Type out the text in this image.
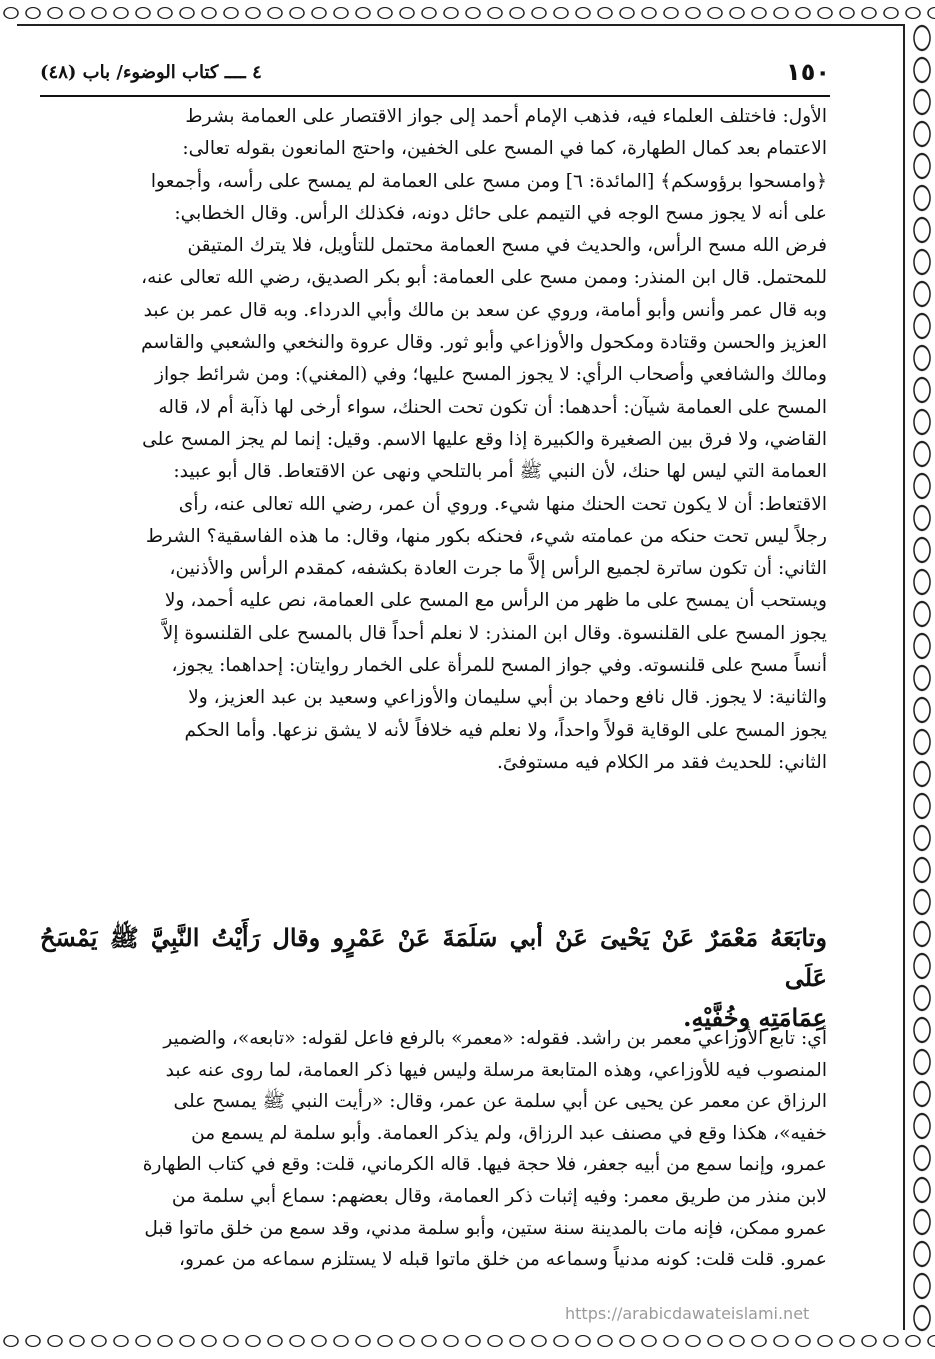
١٥٠
٤ ــــ كتاب الوضوء/ باب (٤٨)
الأول: فاختلف العلماء فيه، فذهب الإمام أحمد إلى جواز الاقتصار على العمامة بشرط
الاعتمام بعد كمال الطهارة، كما في المسح على الخفين، واحتج المانعون بقوله تعالى:
﴿وامسحوا برؤوسكم﴾ [المائدة: ٦] ومن مسح على العمامة لم يمسح على رأسه، وأجمعوا
على أنه لا يجوز مسح الوجه في التيمم على حائل دونه، فكذلك الرأس. وقال الخطابي:
فرض الله مسح الرأس، والحديث في مسح العمامة محتمل للتأويل، فلا يترك المتيقن
للمحتمل. قال ابن المنذر: وممن مسح على العمامة: أبو بكر الصديق، رضي الله تعالى عنه،
وبه قال عمر وأنس وأبو أمامة، وروي عن سعد بن مالك وأبي الدرداء. وبه قال عمر بن عبد
العزيز والحسن وقتادة ومكحول والأوزاعي وأبو ثور. وقال عروة والنخعي والشعبي والقاسم
ومالك والشافعي وأصحاب الرأي: لا يجوز المسح عليها؛ وفي (المغني): ومن شرائط جواز
المسح على العمامة شيآن: أحدهما: أن تكون تحت الحنك، سواء أرخى لها ذآبة أم لا، قاله
القاضي، ولا فرق بين الصغيرة والكبيرة إذا وقع عليها الاسم. وقيل: إنما لم يجز المسح على
العمامة التي ليس لها حنك، لأن النبي ﷺ أمر بالتلحي ونهى عن الاقتعاط. قال أبو عبيد:
الاقتعاط: أن لا يكون تحت الحنك منها شيء. وروي أن عمر، رضي الله تعالى عنه، رأى
رجلاً ليس تحت حنكه من عمامته شيء، فحنكه بكور منها، وقال: ما هذه الفاسقية؟ الشرط
الثاني: أن تكون ساترة لجميع الرأس إلاَّ ما جرت العادة بكشفه، كمقدم الرأس والأذنين،
ويستحب أن يمسح على ما ظهر من الرأس مع المسح على العمامة، نص عليه أحمد، ولا
يجوز المسح على القلنسوة. وقال ابن المنذر: لا نعلم أحداً قال بالمسح على القلنسوة إلاَّ
أنساً مسح على قلنسوته. وفي جواز المسح للمرأة على الخمار روايتان: إحداهما: يجوز،
والثانية: لا يجوز. قال نافع وحماد بن أبي سليمان والأوزاعي وسعيد بن عبد العزيز، ولا
يجوز المسح على الوقاية قولاً واحداً، ولا نعلم فيه خلافاً لأنه لا يشق نزعها. وأما الحكم
الثاني: للحديث فقد مر الكلام فيه مستوفىً.
وتابَعَهُ مَعْمَرٌ عَنْ يَحْيىَ عَنْ أبي سَلَمَةَ عَنْ عَمْرٍو وقال رَأَيْتُ النَّبِيَّ ﷺ يَمْسَحُ عَلَى
عِمَامَتِهِ وخُفَّيْهِ.
أي: تابع الأوزاعي معمر بن راشد. فقوله: «معمر» بالرفع فاعل لقوله: «تابعه»، والضمير
المنصوب فيه للأوزاعي، وهذه المتابعة مرسلة وليس فيها ذكر العمامة، لما روى عنه عبد
الرزاق عن معمر عن يحيى عن أبي سلمة عن عمر، وقال: «رأيت النبي ﷺ يمسح على
خفيه»، هكذا وقع في مصنف عبد الرزاق، ولم يذكر العمامة. وأبو سلمة لم يسمع من
عمرو، وإنما سمع من أبيه جعفر، فلا حجة فيها. قاله الكرماني، قلت: وقع في كتاب الطهارة
لابن منذر من طريق معمر: وفيه إثبات ذكر العمامة، وقال بعضهم: سماع أبي سلمة من
عمرو ممكن، فإنه مات بالمدينة سنة ستين، وأبو سلمة مدني، وقد سمع من خلق ماتوا قبل
عمرو. قلت قلت: كونه مدنياً وسماعه من خلق ماتوا قبله لا يستلزم سماعه من عمرو،
https://arabicdawateislami.net
